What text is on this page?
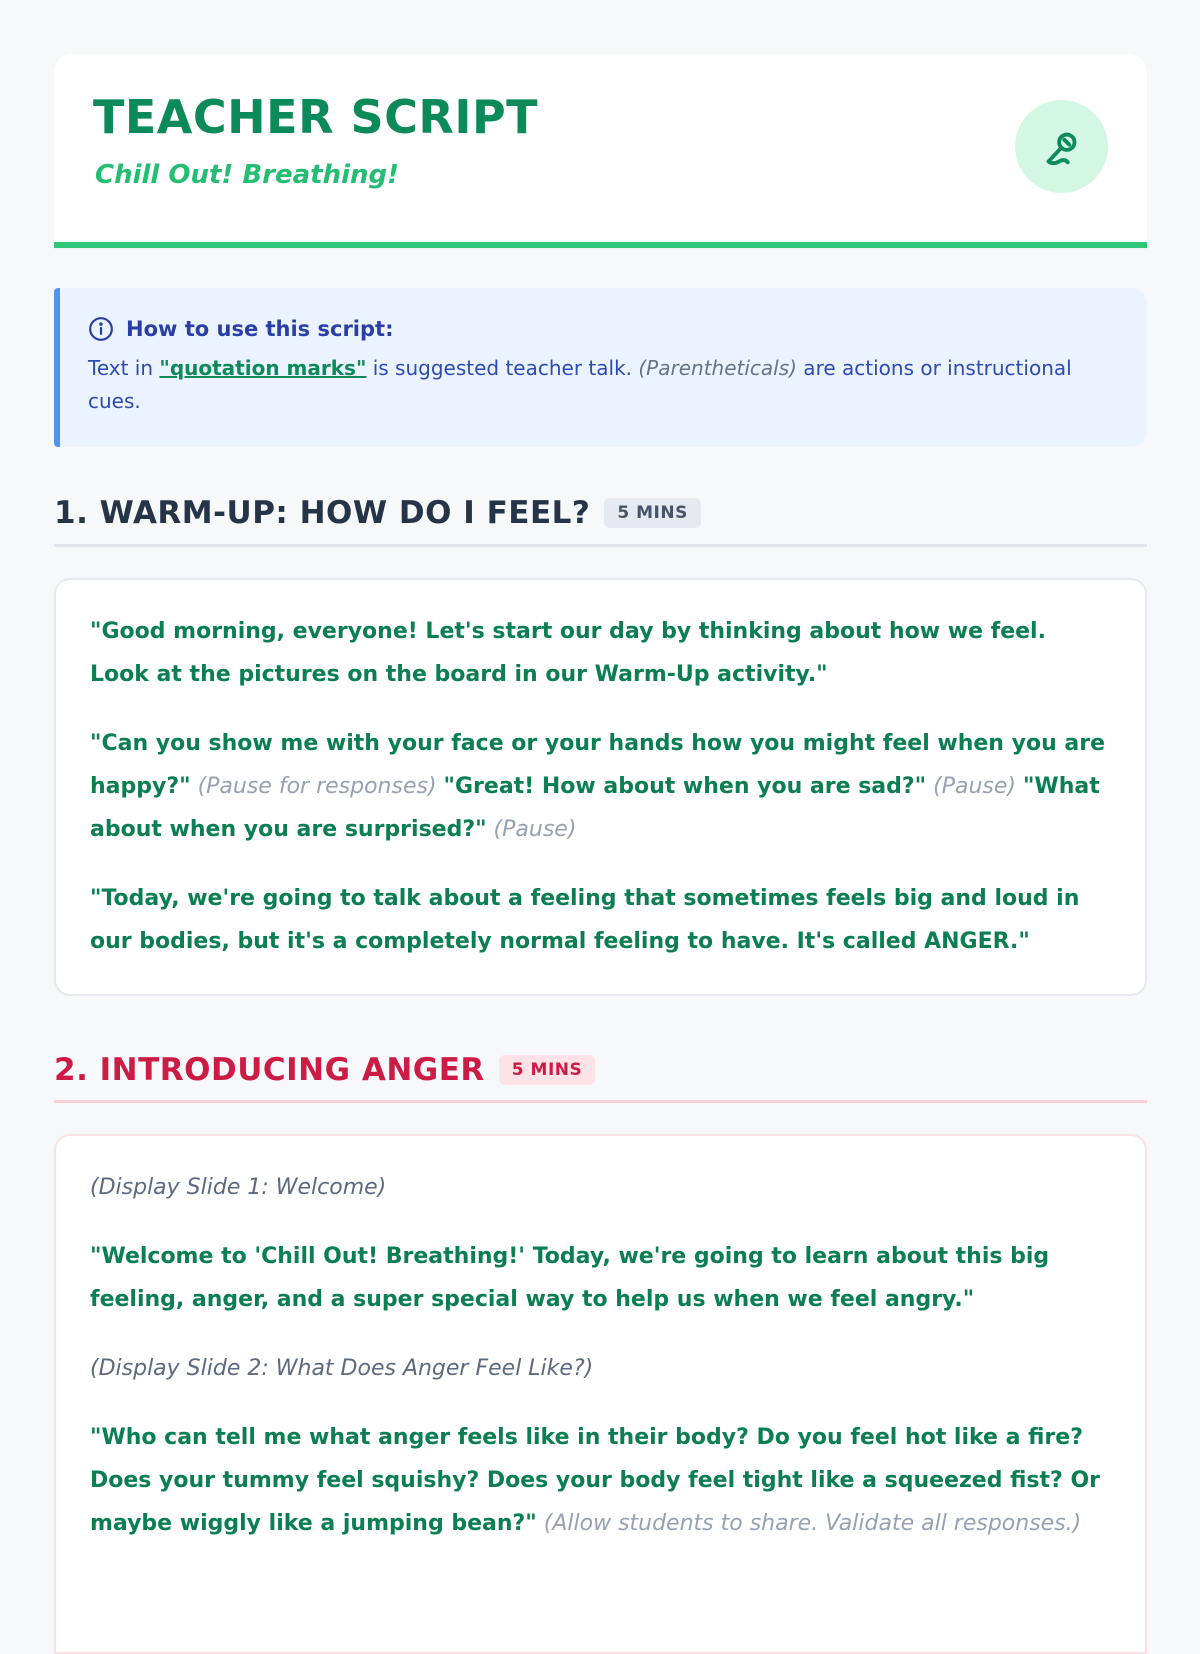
TEACHER SCRIPT
Chill Out! Breathing!
How to use this script:
Text in "quotation marks" is suggested teacher talk. (Parentheticals) are actions or instructional cues.
1. WARM-UP: HOW DO I FEEL?	5 MINS

"Good morning, everyone! Let's start our day by thinking about how we feel. Look at the pictures on the board in our Warm-Up activity."

"Can you show me with your face or your hands how you might feel when you are happy?" (Pause for responses) "Great! How about when you are sad?" (Pause) "What about when you are surprised?" (Pause)

"Today, we're going to talk about a feeling that sometimes feels big and loud in our bodies, but it's a completely normal feeling to have. It's called ANGER."

2. INTRODUCING ANGER	5 MINS

(Display Slide 1: Welcome)

"Welcome to 'Chill Out! Breathing!' Today, we're going to learn about this big feeling, anger, and a super special way to help us when we feel angry."

(Display Slide 2: What Does Anger Feel Like?)

"Who can tell me what anger feels like in their body? Do you feel hot like a fire? Does your tummy feel squishy? Does your body feel tight like a squeezed fist? Or maybe wiggly like a jumping bean?" (Allow students to share. Validate all responses.)
